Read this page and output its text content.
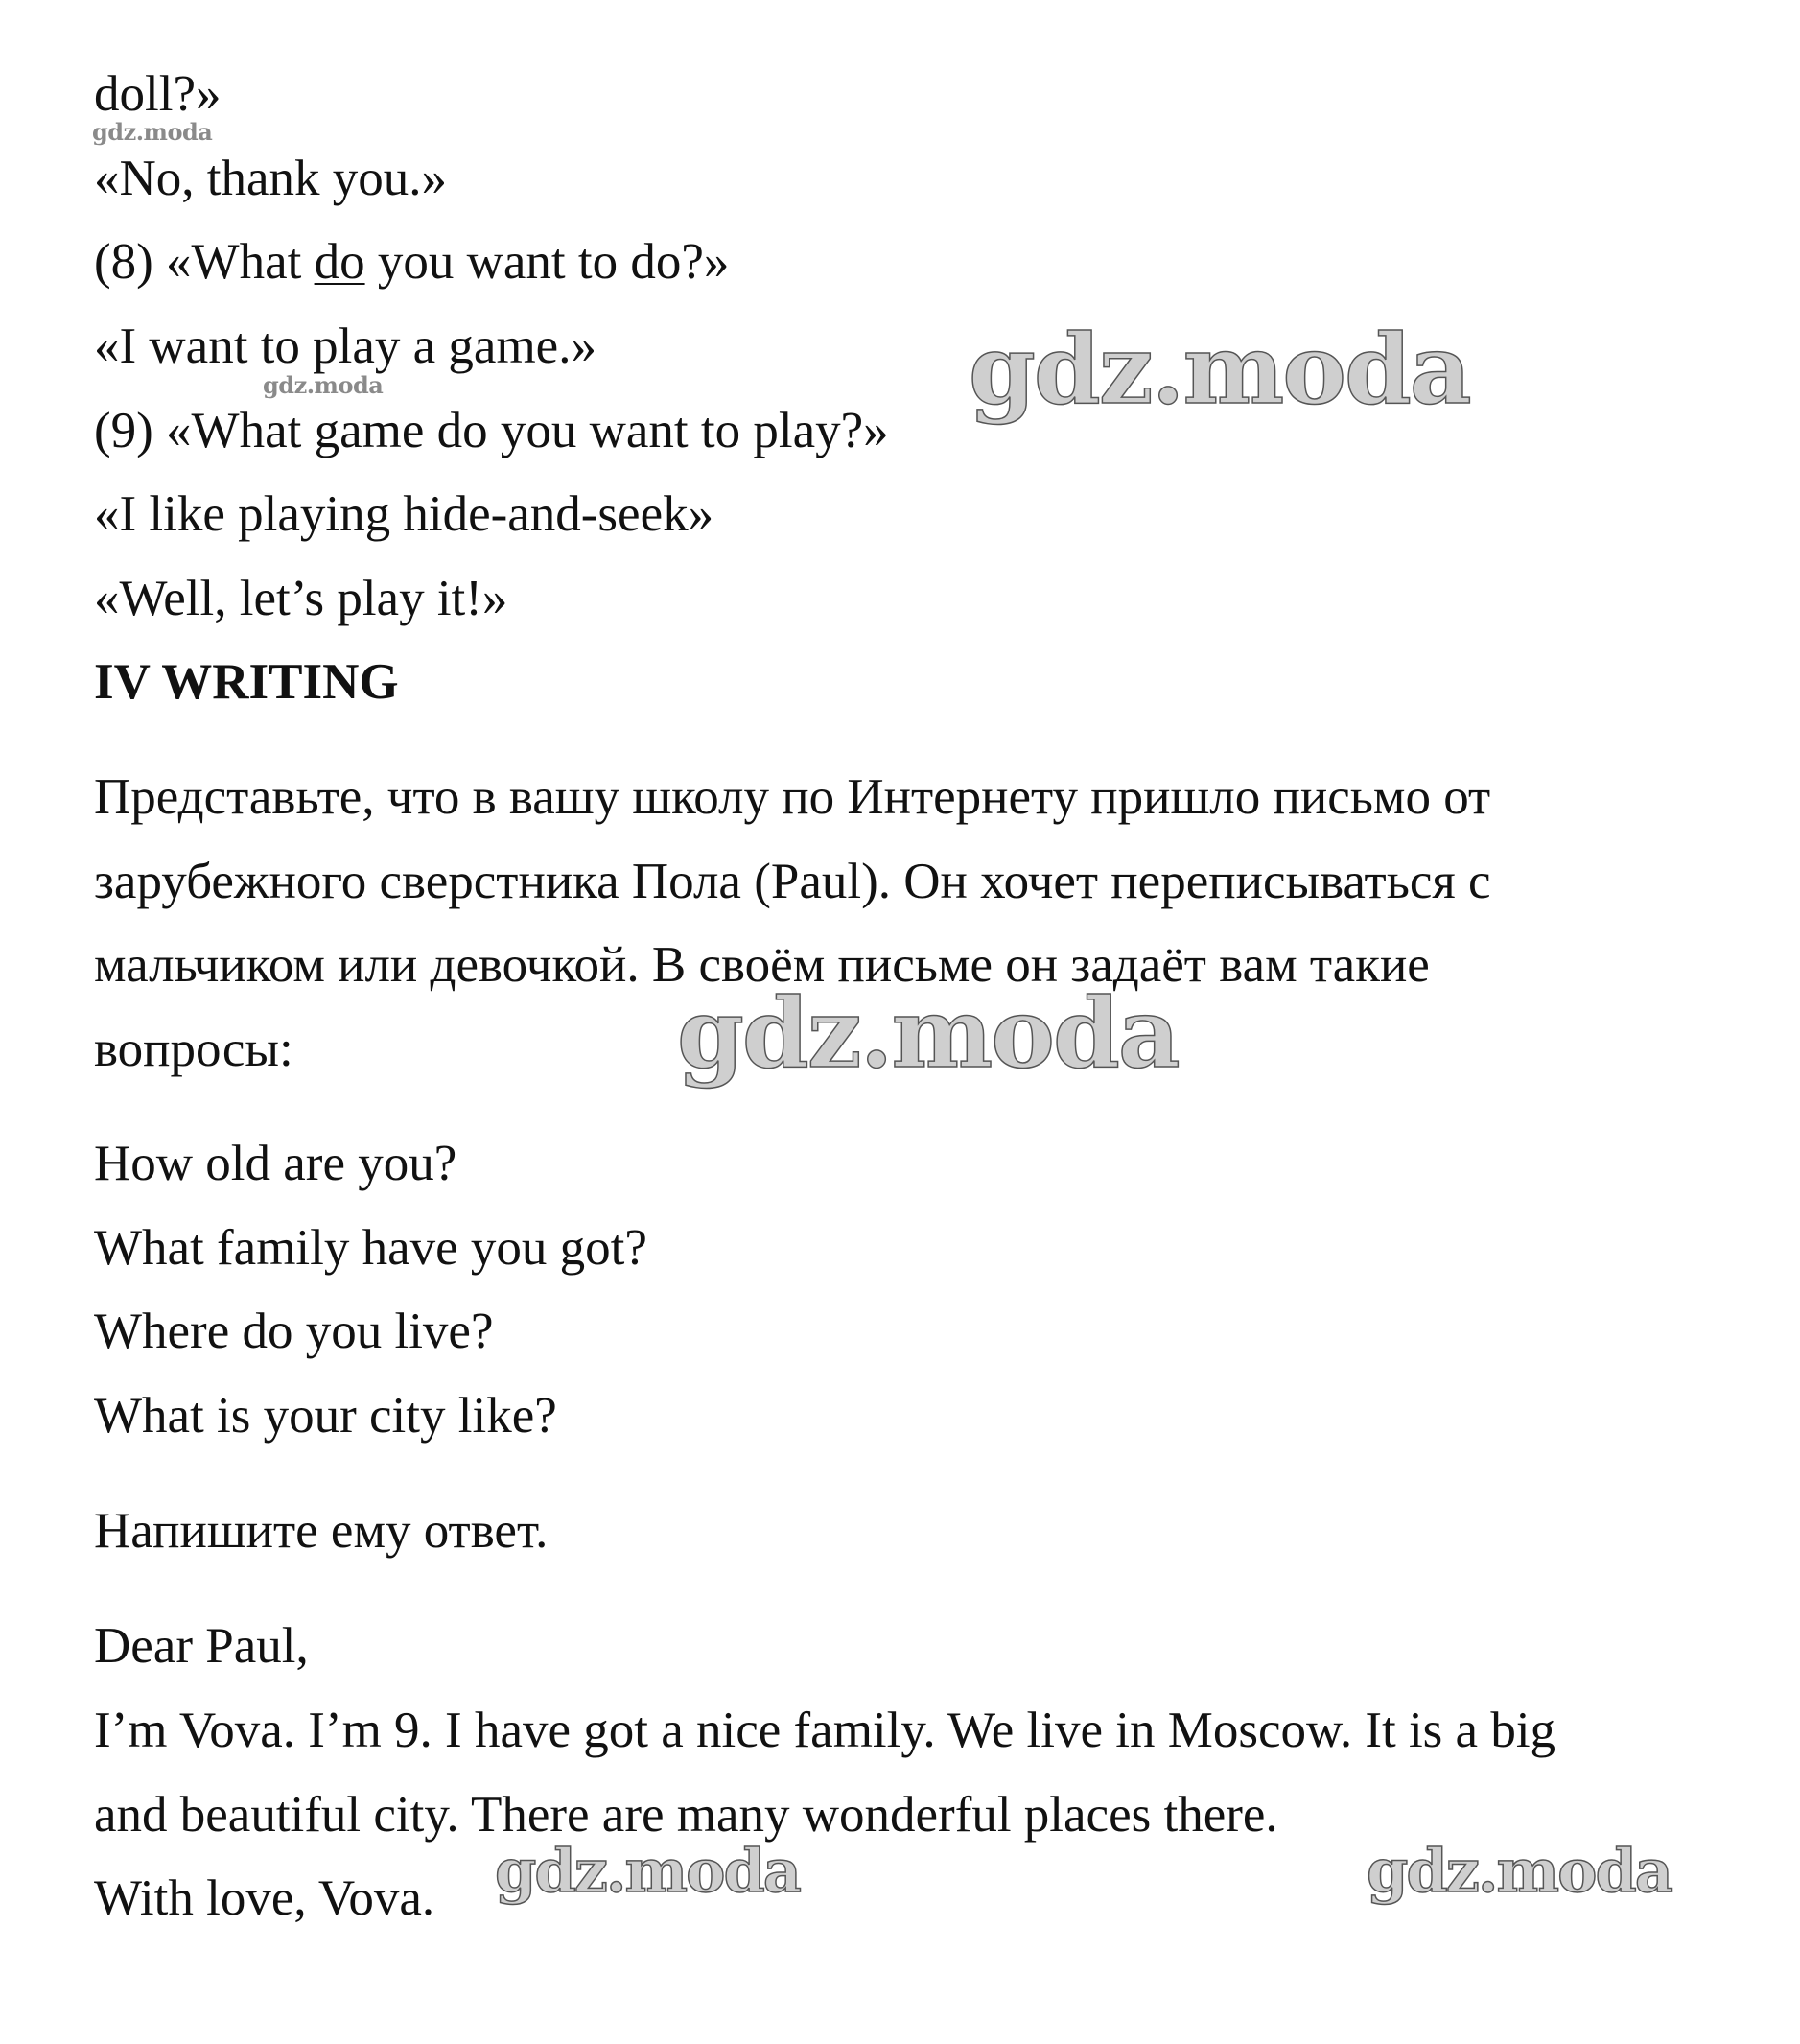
doll?»
«No, thank you.»
(8) «What do you want to do?»
«I want to play a game.»
(9) «What game do you want to play?»
«I like playing hide-and-seek»
«Well, let’s play it!»
IV WRITING
Представьте, что в вашу школу по Интернету пришло письмо от
зарубежного сверстника Пола (Paul). Он хочет переписываться с
мальчиком или девочкой. В своём письме он задаёт вам такие
вопросы:
How old are you?
What family have you got?
Where do you live?
What is your city like?
Напишите ему ответ.
Dear Paul,
I’m Vova. I’m 9. I have got a nice family. We live in Moscow. It is a big
and beautiful city. There are many wonderful places there.
With love, Vova.
gdz.moda
gdz.moda	gdz.moda
gdz.moda
gdz.moda	gdz.moda
